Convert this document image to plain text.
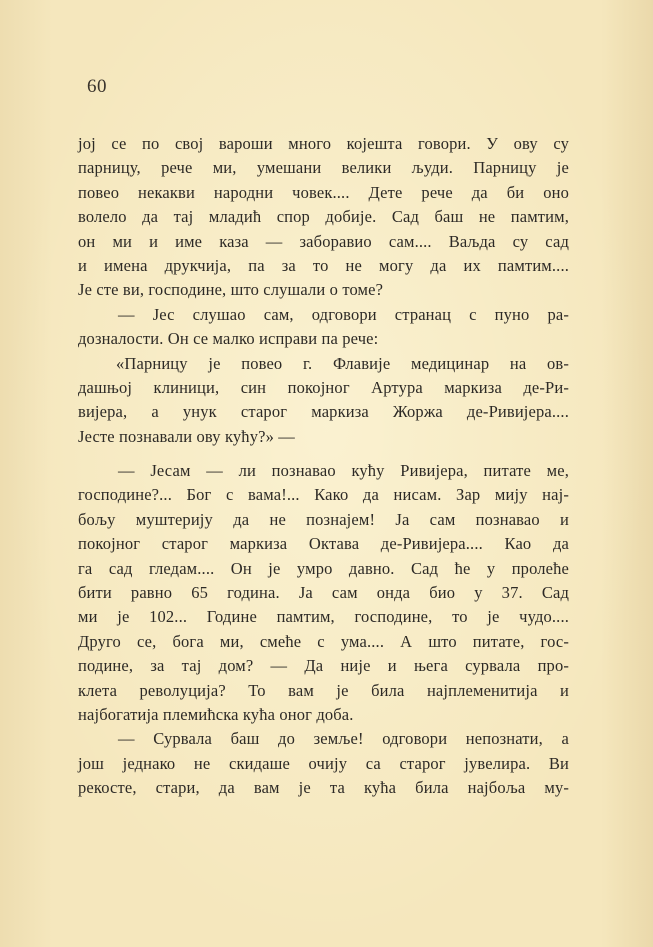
60
јој се по свој вароши много којешта говори. У ову су
парницу, рече ми, умешани велики људи. Парницу је
повео некакви народни човек.... Дете рече да би оно
волело да тај младић спор добије. Сад баш не памтим,
он ми и име каза — заборавио сам.... Ваљда су сад
и имена друкчија, па за то не могу да их памтим....
Је сте ви, господине, што слушали о томе?
— Јес слушао сам, одговори странац с пуно ра-
дозналости. Он се малко исправи па рече:
«Парницу је повео г. Флавије медицинар на ов-
дашњој клиници, син покојног Артура маркиза де-Ри-
вијера, а унук старог маркиза Жоржа де-Ривијера....
Јесте познавали ову кућу?» —
— Јесам — ли познавао кућу Ривијера, питате ме,
господине?... Бог с вама!... Како да нисам. Зар мију нај-
бољу муштерију да не познајем! Ја сам познавао и
покојног старог маркиза Октава де-Ривијера.... Као да
га сад гледам.... Он је умро давно. Сад ће у пролеће
бити равно 65 година. Ја сам онда био у 37. Сад
ми је 102... Године памтим, господине, то је чудо....
Друго се, бога ми, смеће с ума.... А што питате, гос-
подине, за тај дом? — Да није и њега сурвала про-
клета револуција? То вам је била најплеменитија и
најбогатија племићска кућа оног доба.
— Сурвала баш до земље! одговори непознати, а
још једнако не скидаше очију са старог јувелира. Ви
рекосте, стари, да вам је та кућа била најбоља му-
